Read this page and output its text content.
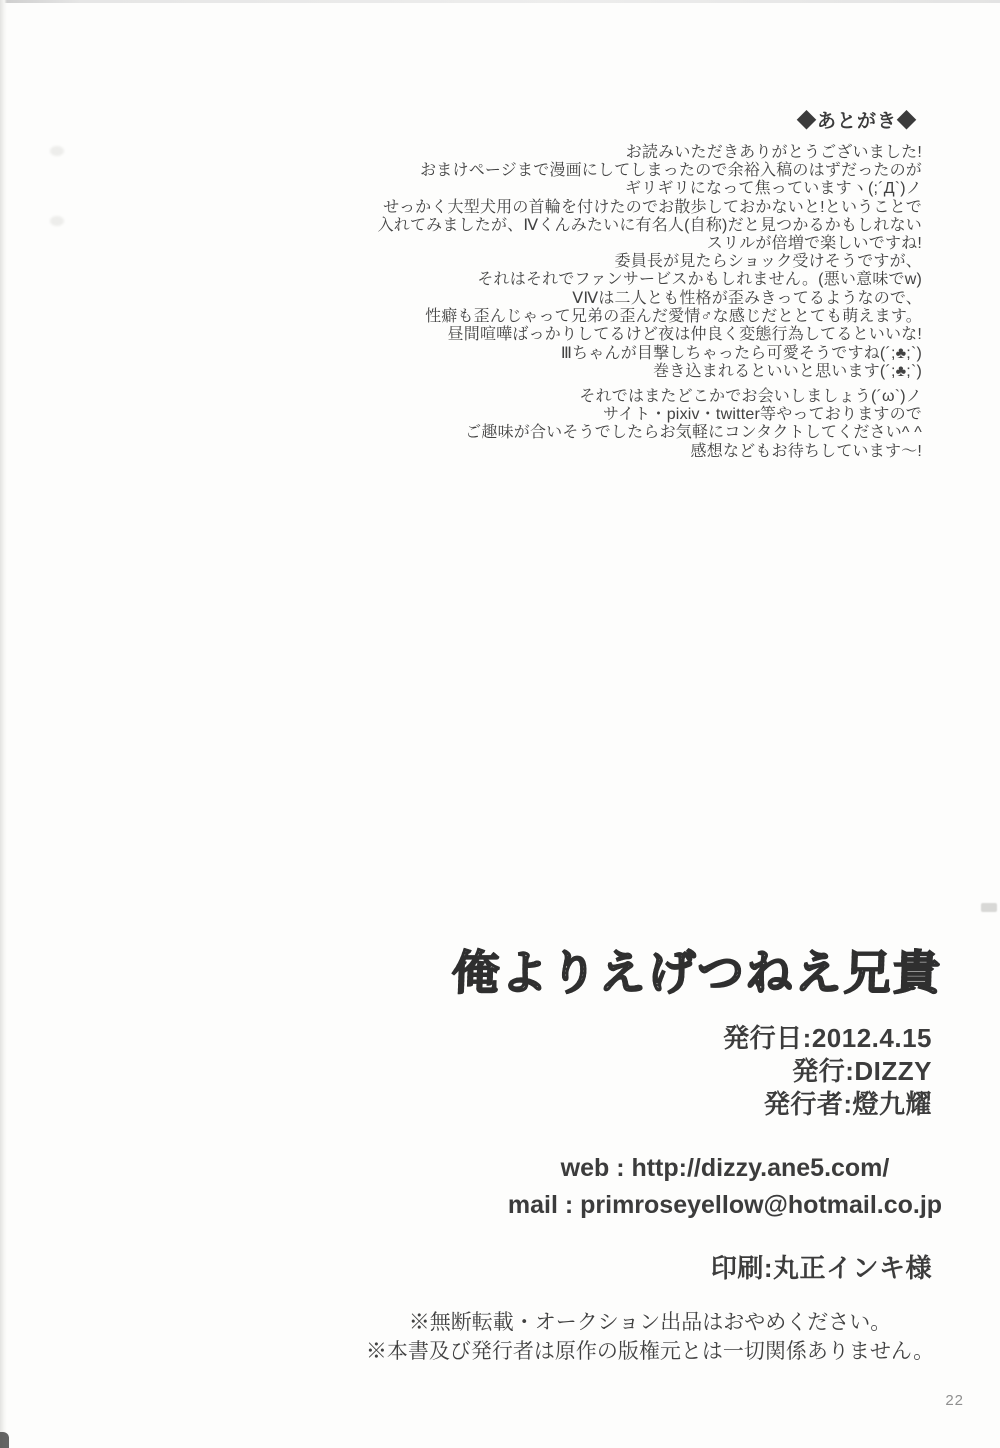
◆あとがき◆
お読みいただきありがとうございました!
おまけページまで漫画にしてしまったので余裕入稿のはずだったのが
ギリギリになって焦っていますヽ(;´Д`)ノ
せっかく大型犬用の首輪を付けたのでお散歩しておかないと!ということで
入れてみましたが、Ⅳくんみたいに有名人(自称)だと見つかるかもしれない
スリルが倍増で楽しいですね!
委員長が見たらショック受けそうですが、
それはそれでファンサービスかもしれません。(悪い意味でw)
ⅤⅣは二人とも性格が歪みきってるようなので、
性癖も歪んじゃって兄弟の歪んだ愛情♂な感じだととても萌えます。
昼間喧嘩ばっかりしてるけど夜は仲良く変態行為してるといいな!
Ⅲちゃんが目撃しちゃったら可愛そうですね(´;♣;`)
巻き込まれるといいと思います(´;♣;`)
それではまたどこかでお会いしましょう(´ω`)ノ
サイト・pixiv・twitter等やっておりますので
ご趣味が合いそうでしたらお気軽にコンタクトしてください^ ^
感想などもお待ちしています～!
俺よりえげつねえ兄貴
発行日:2012.4.15
発行:DIZZY
発行者:燈九耀
web : http://dizzy.ane5.com/
mail : primroseyellow@hotmail.co.jp
印刷:丸正インキ様
※無断転載・オークション出品はおやめください。
※本書及び発行者は原作の版権元とは一切関係ありません。
22
